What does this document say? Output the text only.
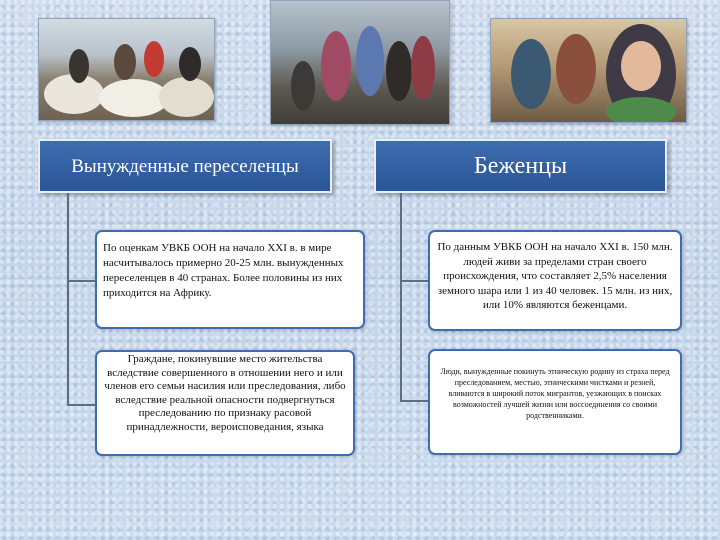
Вынужденные переселенцы	Беженцы
По оценкам УВКБ ООН на начало XXI в. в мире насчитывалось примерно 20-25 млн. вынужденных переселенцев в 40 странах. Более половины из них приходится на Африку.
По данным УВКБ ООН на начало XXI в. 150 млн. людей живи за пределами стран своего происхождения, что составляет 2,5% населения земного шара или 1 из 40 человек. 15 млн. из них, или 10% являются беженцами.
Граждане, покинувшие место жительства вследствие совершенного в отношении него и или членов его семьи насилия или преследования, либо вследствие реальной опасности подвергнуться преследованию по признаку расовой принадлежности, вероисповедания, языка
Люди, вынужденные покинуть этническую родину из страха перед преследованием, местью, этническими чистками и резней, вливаются в широкий поток мигрантов, уезжающих в поисках возможностей лучшей жизни или воссоединения со своими родственниками.
